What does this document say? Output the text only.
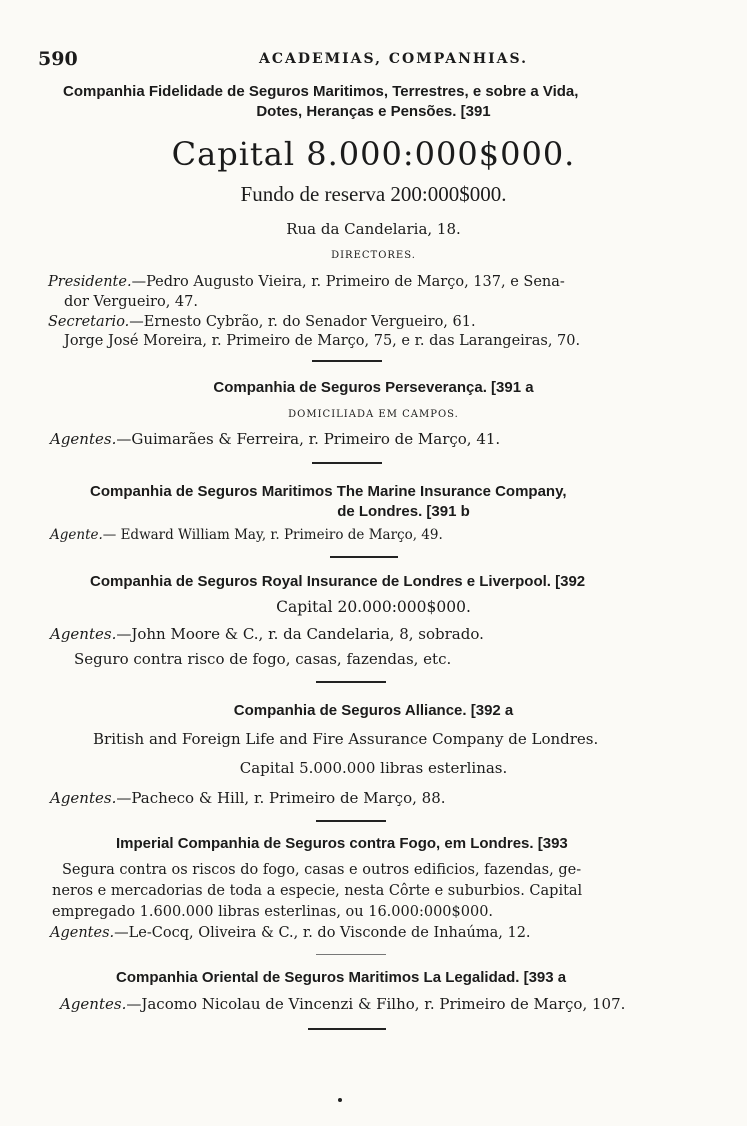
590	ACADEMIAS, COMPANHIAS.
Companhia Fidelidade de Seguros Maritimos, Terrestres, e sobre a Vida,
Dotes, Heranças e Pensões. [391
Capital 8.000:000$000.
Fundo de reserva 200:000$000.
Rua da Candelaria, 18.
DIRECTORES.
Presidente.—Pedro Augusto Vieira, r. Primeiro de Março, 137, e Sena-
dor Vergueiro, 47.
Secretario.—Ernesto Cybrão, r. do Senador Vergueiro, 61.
Jorge José Moreira, r. Primeiro de Março, 75, e r. das Larangeiras, 70.
Companhia de Seguros Perseverança. [391 a
DOMICILIADA EM CAMPOS.
Agentes.—Guimarães & Ferreira, r. Primeiro de Março, 41.
Companhia de Seguros Maritimos The Marine Insurance Company,
de Londres. [391 b
Agente.— Edward William May, r. Primeiro de Março, 49.
Companhia de Seguros Royal Insurance de Londres e Liverpool. [392
Capital 20.000:000$000.
Agentes.—John Moore & C., r. da Candelaria, 8, sobrado.
Seguro contra risco de fogo, casas, fazendas, etc.
Companhia de Seguros Alliance. [392 a
British and Foreign Life and Fire Assurance Company de Londres.
Capital 5.000.000 libras esterlinas.
Agentes.—Pacheco & Hill, r. Primeiro de Março, 88.
Imperial Companhia de Seguros contra Fogo, em Londres. [393
Segura contra os riscos do fogo, casas e outros edificios, fazendas, ge-
neros e mercadorias de toda a especie, nesta Côrte e suburbios. Capital
empregado 1.600.000 libras esterlinas, ou 16.000:000$000.
Agentes.—Le-Cocq, Oliveira & C., r. do Visconde de Inhaúma, 12.
Companhia Oriental de Seguros Maritimos La Legalidad. [393 a
Agentes.—Jacomo Nicolau de Vincenzi & Filho, r. Primeiro de Março, 107.
